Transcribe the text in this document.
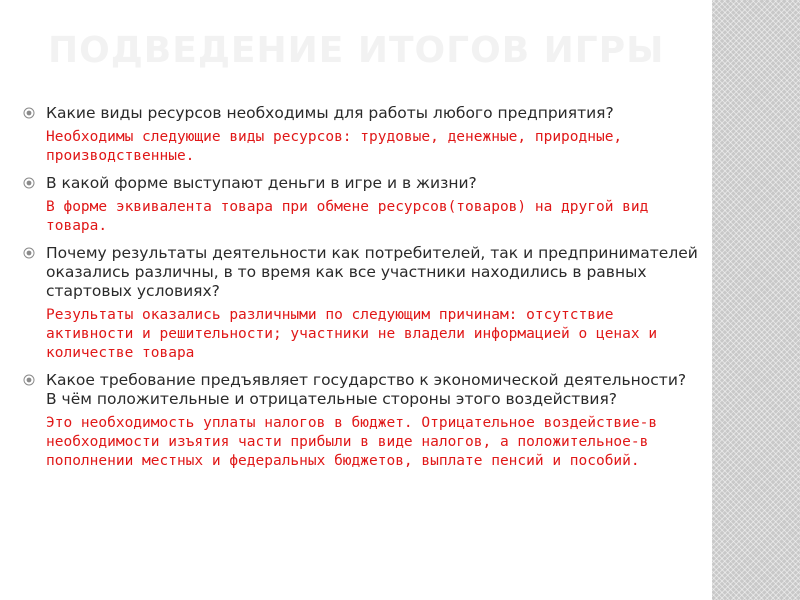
ПОДВЕДЕНИЕ ИТОГОВ ИГРЫ
Какие виды ресурсов необходимы для работы любого предприятия?
Необходимы следующие виды ресурсов: трудовые, денежные, природные, производственные.
В какой форме выступают деньги в игре и в жизни?
В форме эквивалента товара при обмене ресурсов(товаров) на другой вид товара.
Почему результаты деятельности как потребителей, так и предпринимателей оказались различны, в то время как все участники находились в равных стартовых условиях?
Результаты оказались различными по следующим причинам: отсутствие активности и решительности; участники не владели информацией о ценах и количестве товара
Какое требование предъявляет государство к экономической деятельности? В чём положительные и отрицательные стороны этого воздействия?
Это необходимость уплаты налогов в бюджет. Отрицательное воздействие-в необходимости изъятия части прибыли в виде налогов, а положительное-в пополнении местных и федеральных бюджетов, выплате пенсий и пособий.
